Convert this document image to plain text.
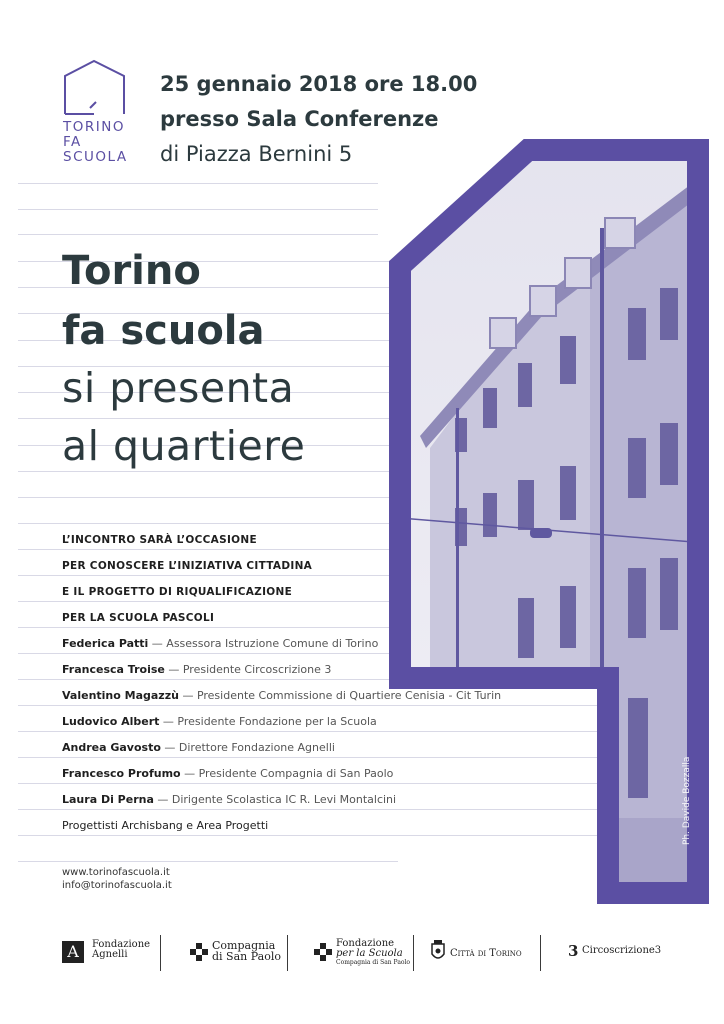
Ph. Davide Bozzalla
TORINO
FA
SCUOLA
25 gennaio 2018 ore 18.00
presso Sala Conferenze
di Piazza Bernini 5
Torino
fa scuola
si presenta
al quartiere
L’INCONTRO SARÀ L’OCCASIONE
PER CONOSCERE L’INIZIATIVA CITTADINA
E IL PROGETTO DI RIQUALIFICAZIONE
PER LA SCUOLA PASCOLI
Federica Patti — Assessora Istruzione Comune di Torino
Francesca Troise — Presidente Circoscrizione 3
Valentino Magazzù — Presidente Commissione di Quartiere Cenisia - Cit Turin
Ludovico Albert — Presidente Fondazione per la Scuola
Andrea Gavosto — Direttore Fondazione Agnelli
Francesco Profumo — Presidente Compagnia di San Paolo
Laura Di Perna — Dirigente Scolastica IC R. Levi Montalcini
Progettisti Archisbang e Area Progetti
www.torinofascuola.it
info@torinofascuola.it
A	Fondazione
Agnelli
Compagnia
di San Paolo
Fondazione
per la Scuola
Compagnia di San Paolo
Città di Torino	3 Circoscrizione3
